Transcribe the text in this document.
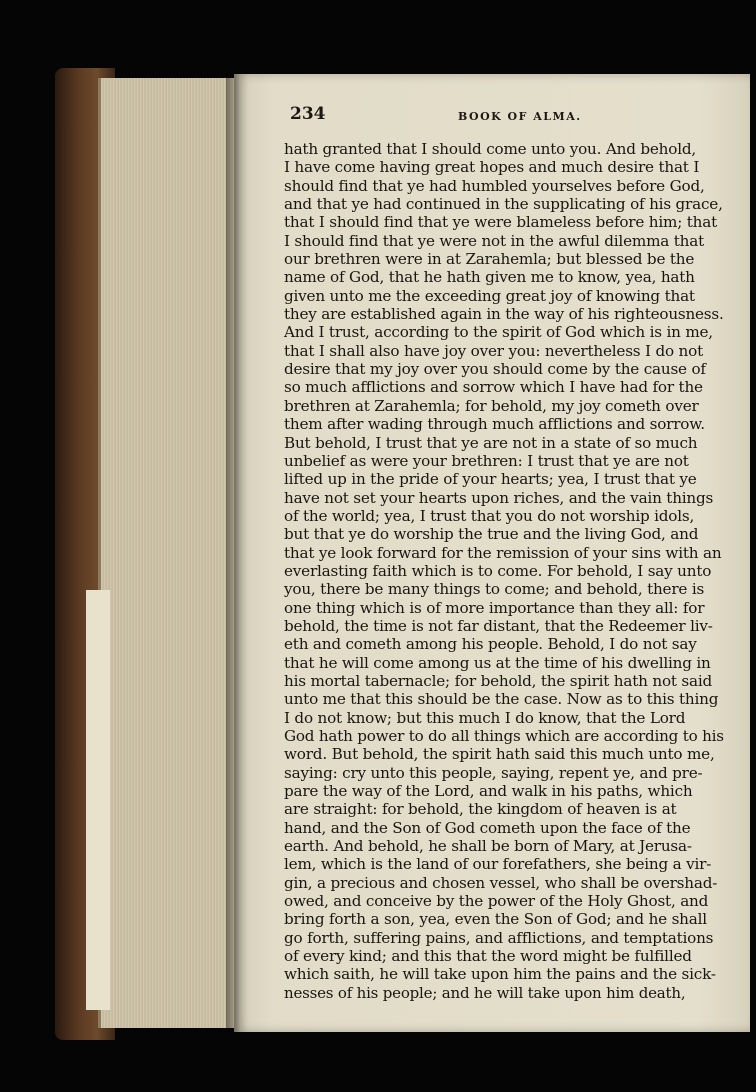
234	BOOK OF ALMA.
hath granted that I should come unto you. And behold,
I have come having great hopes and much desire that I
should find that ye had humbled yourselves before God,
and that ye had continued in the supplicating of his grace,
that I should find that ye were blameless before him; that
I should find that ye were not in the awful dilemma that
our brethren were in at Zarahemla; but blessed be the
name of God, that he hath given me to know, yea, hath
given unto me the exceeding great joy of knowing that
they are established again in the way of his righteousness.
And I trust, according to the spirit of God which is in me,
that I shall also have joy over you: nevertheless I do not
desire that my joy over you should come by the cause of
so much afflictions and sorrow which I have had for the
brethren at Zarahemla; for behold, my joy cometh over
them after wading through much afflictions and sorrow.
But behold, I trust that ye are not in a state of so much
unbelief as were your brethren: I trust that ye are not
lifted up in the pride of your hearts; yea, I trust that ye
have not set your hearts upon riches, and the vain things
of the world; yea, I trust that you do not worship idols,
but that ye do worship the true and the living God, and
that ye look forward for the remission of your sins with an
everlasting faith which is to come. For behold, I say unto
you, there be many things to come; and behold, there is
one thing which is of more importance than they all: for
behold, the time is not far distant, that the Redeemer liv-
eth and cometh among his people. Behold, I do not say
that he will come among us at the time of his dwelling in
his mortal tabernacle; for behold, the spirit hath not said
unto me that this should be the case. Now as to this thing
I do not know; but this much I do know, that the Lord
God hath power to do all things which are according to his
word. But behold, the spirit hath said this much unto me,
saying: cry unto this people, saying, repent ye, and pre-
pare the way of the Lord, and walk in his paths, which
are straight: for behold, the kingdom of heaven is at
hand, and the Son of God cometh upon the face of the
earth. And behold, he shall be born of Mary, at Jerusa-
lem, which is the land of our forefathers, she being a vir-
gin, a precious and chosen vessel, who shall be overshad-
owed, and conceive by the power of the Holy Ghost, and
bring forth a son, yea, even the Son of God; and he shall
go forth, suffering pains, and afflictions, and temptations
of every kind; and this that the word might be fulfilled
which saith, he will take upon him the pains and the sick-
nesses of his people; and he will take upon him death,
